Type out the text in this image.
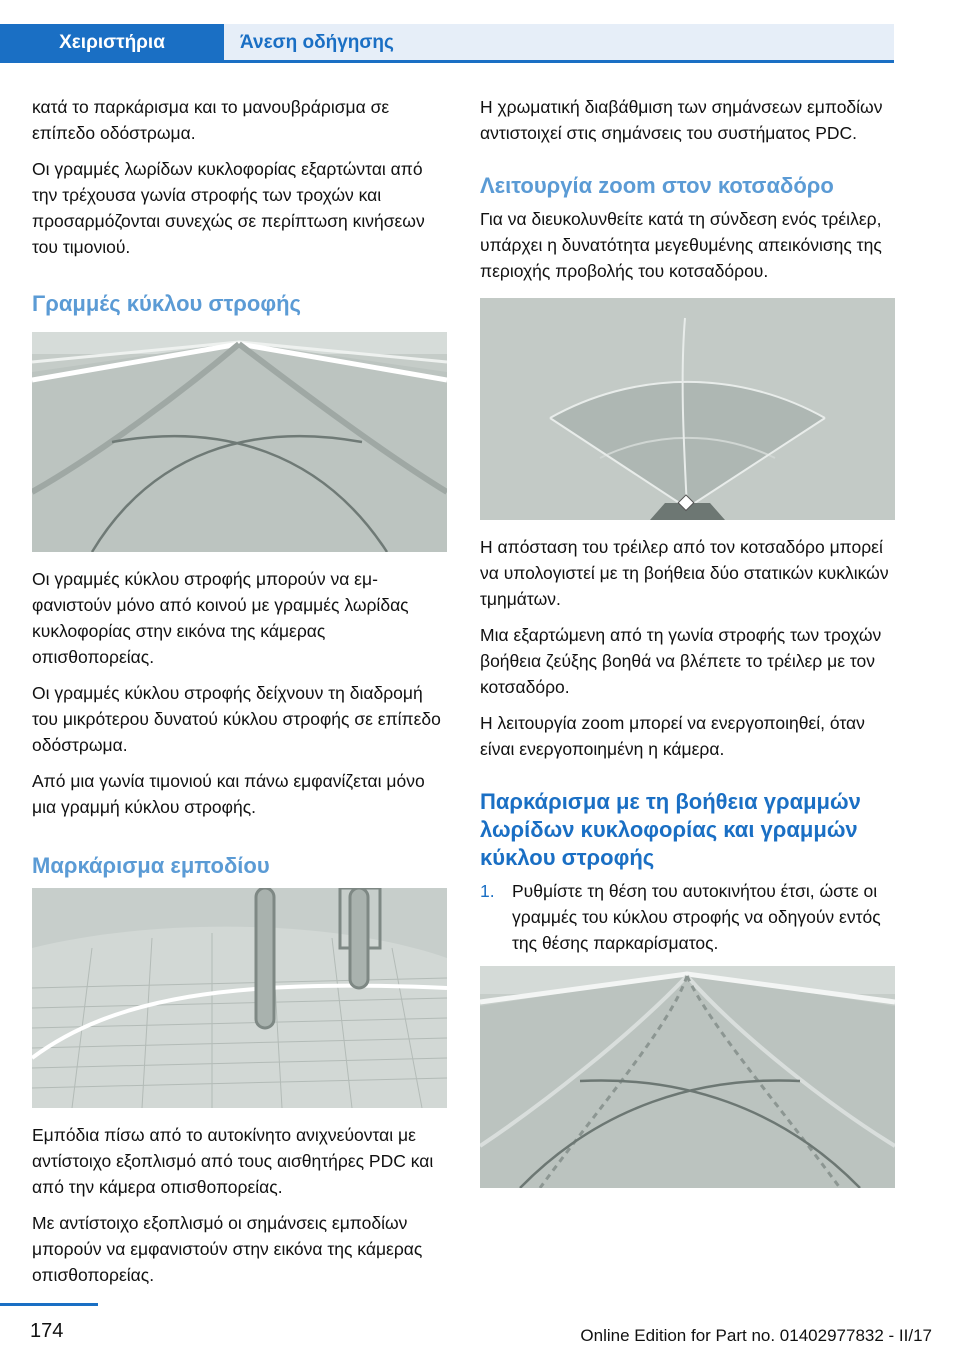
Χειριστήρια	Άνεση οδήγησης

κατά το παρκάρισμα και το μανουβράρισμα σε επίπεδο οδόστρωμα.

Οι γραμμές λωρίδων κυκλοφορίας εξαρτώνται από την τρέχουσα γωνία στροφής των τροχών και προσαρμόζονται συνεχώς σε περίπτωση κινήσεων του τιμονιού.

Γραμμές κύκλου στροφής

Οι γραμμές κύκλου στροφής μπορούν να εμφανιστούν μόνο από κοινού με γραμμές λωρίδας κυκλοφορίας στην εικόνα της κάμερας οπισθοπορείας.

Οι γραμμές κύκλου στροφής δείχνουν τη διαδρομή του μικρότερου δυνατού κύκλου στροφής σε επίπεδο οδόστρωμα.

Από μια γωνία τιμονιού και πάνω εμφανίζεται μόνο μια γραμμή κύκλου στροφής.

Μαρκάρισμα εμποδίου

Εμπόδια πίσω από το αυτοκίνητο ανιχνεύονται με αντίστοιχο εξοπλισμό από τους αισθητήρες PDC και από την κάμερα οπισθοπορείας.

Με αντίστοιχο εξοπλισμό οι σημάνσεις εμποδίων μπορούν να εμφανιστούν στην εικόνα της κάμερας οπισθοπορείας.

Η χρωματική διαβάθμιση των σημάνσεων εμποδίων αντιστοιχεί στις σημάνσεις του συστήματος PDC.

Λειτουργία zoom στον κοτσαδόρο

Για να διευκολυνθείτε κατά τη σύνδεση ενός τρέιλερ, υπάρχει η δυνατότητα μεγεθυμένης απεικόνισης της περιοχής προβολής του κοτσαδόρου.

Η απόσταση του τρέιλερ από τον κοτσαδόρο μπορεί να υπολογιστεί με τη βοήθεια δύο στατικών κυκλικών τμημάτων.

Μια εξαρτώμενη από τη γωνία στροφής των τροχών βοήθεια ζεύξης βοηθά να βλέπετε το τρέιλερ με τον κοτσαδόρο.

Η λειτουργία zoom μπορεί να ενεργοποιηθεί, όταν είναι ενεργοποιημένη η κάμερα.

Παρκάρισμα με τη βοήθεια γραμμών λωρίδων κυκλοφορίας και γραμμών κύκλου στροφής
1. Ρυθμίστε τη θέση του αυτοκινήτου έτσι, ώστε οι γραμμές του κύκλου στροφής να οδηγούν εντός της θέσης παρκαρίσματος.
174	Online Edition for Part no. 01402977832 - II/17
